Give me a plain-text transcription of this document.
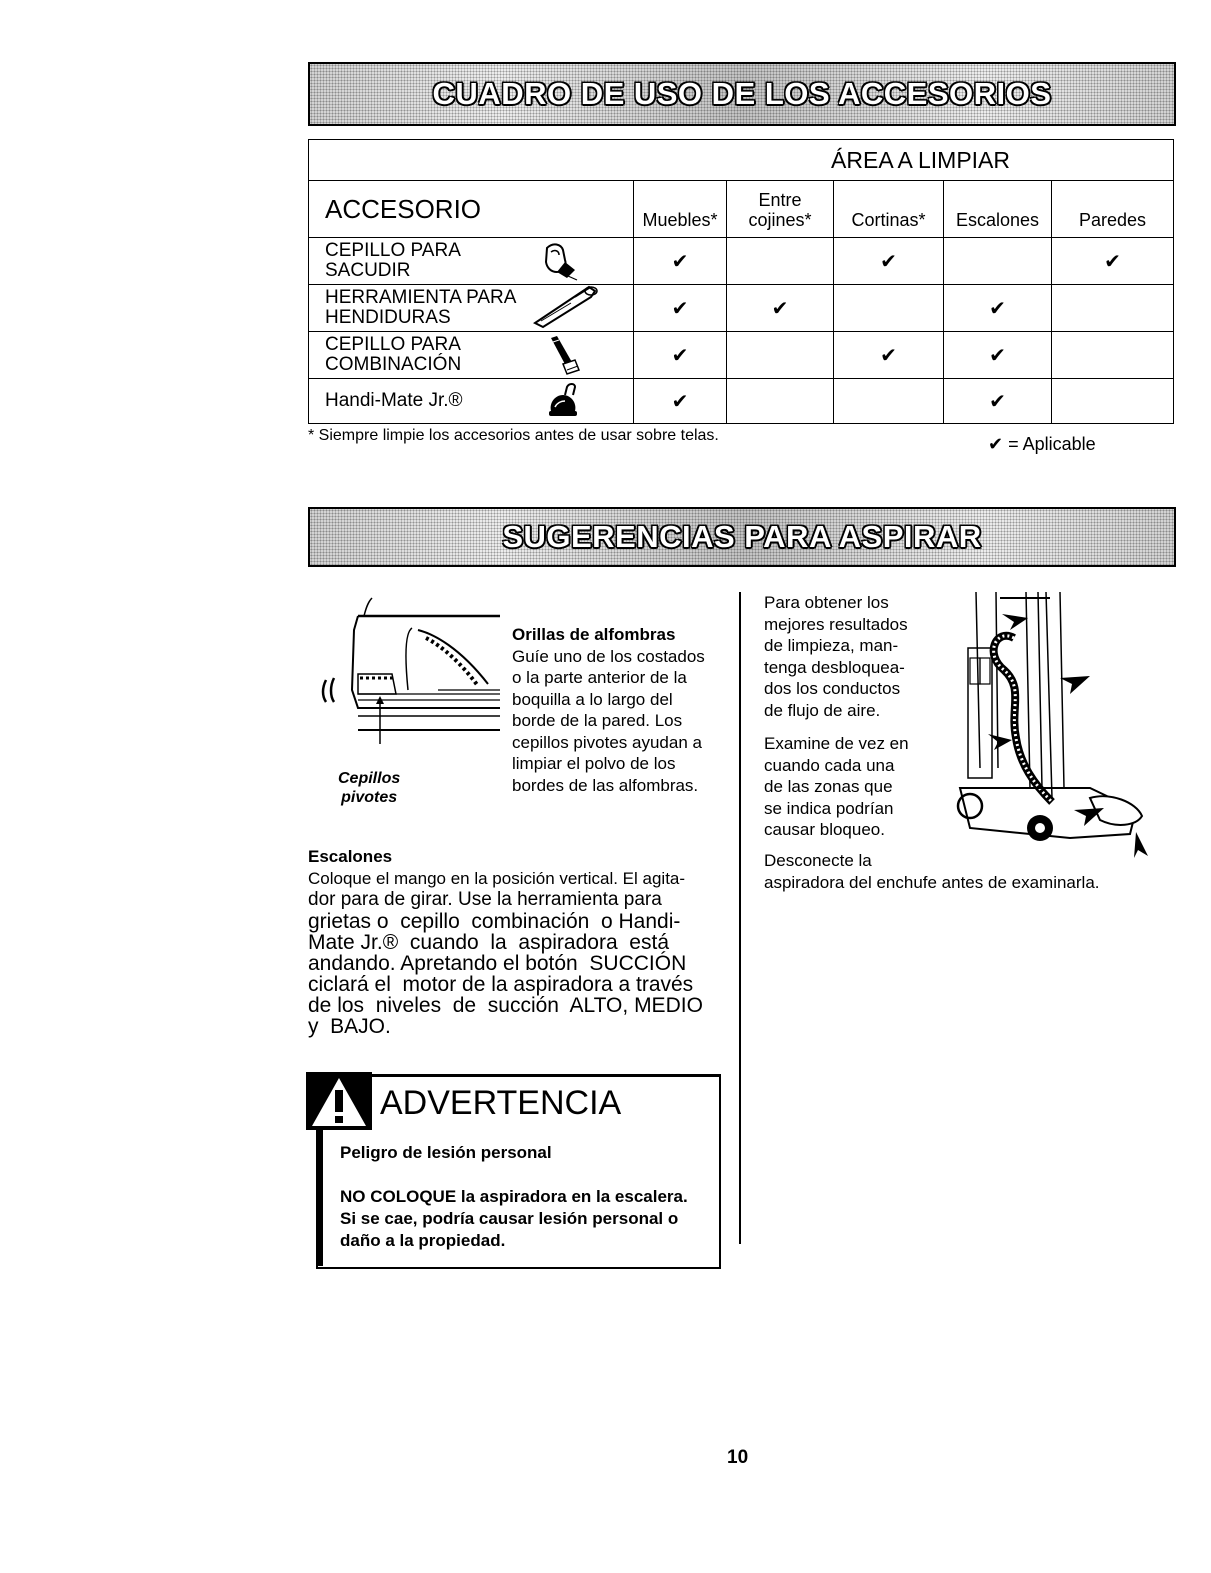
CUADRO DE USO DE LOS ACCESORIOS
ÁREA A LIMPIAR					
ACCESORIO	Muebles*	Entre
cojines*	Cortinas*	Escalones	Paredes

CEPILLO PARA
SACUDIR	✔		✔		✔

HERRAMIENTA PARA
HENDIDURAS	✔	✔		✔	

CEPILLO PARA
COMBINACIÓN	✔		✔	✔	

Handi-Mate Jr.®	✔			✔	
* Siempre limpie los accesorios antes de usar sobre telas.	✔ = Aplicable
SUGERENCIAS PARA ASPIRAR
Cepillos
pivotes
Orillas de alfombras
Guíe uno de los costados
o la parte anterior de la
boquilla a lo largo del
borde de la pared. Los
cepillos pivotes ayudan a
limpiar el polvo de los
bordes de las alfombras.
Escalones
Coloque el mango en la posición vertical. El agita-
dor para de girar. Use la herramienta para
grietas o  cepillo  combinación  o Handi-
Mate Jr.®  cuando  la  aspiradora  está
andando. Apretando el botón  SUCCIÓN
ciclará el  motor de la aspiradora a través
de los  niveles  de  succión  ALTO, MEDIO
y  BAJO.
ADVERTENCIA
Peligro de lesión personal
NO COLOQUE la aspiradora en la escalera.
Si se cae, podría causar lesión personal o
daño a la propiedad.
Para obtener los
mejores resultados
de limpieza, man-
tenga desbloquea-
dos los conductos
de flujo de aire.
Examine de vez en
cuando cada una
de las zonas que
se indica podrían
causar bloqueo.
Desconecte la
aspiradora del enchufe antes de examinarla.
10
